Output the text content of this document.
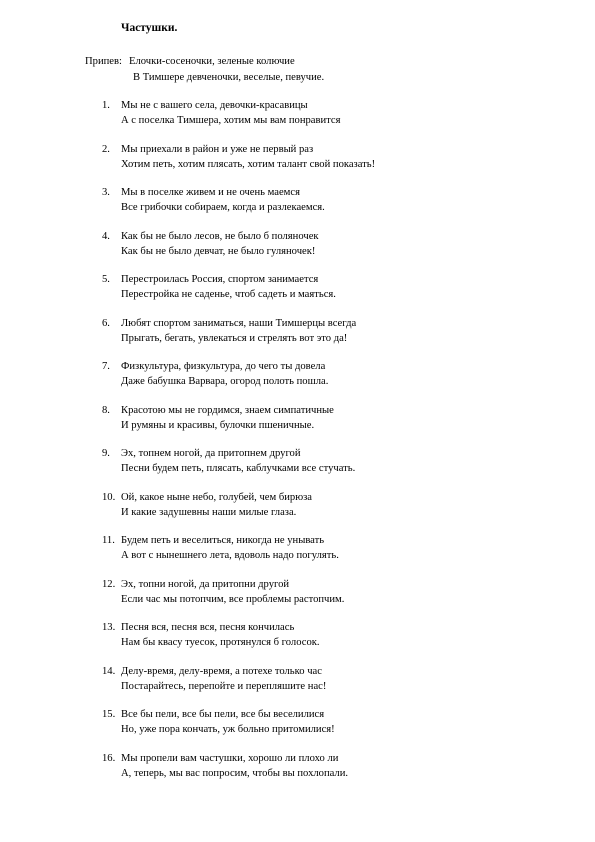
Частушки.
Припев: Елочки-сосеночки, зеленые колючие
В Тимшере девченочки, веселые, певучие.
1. Мы не с вашего села, девочки-красавицы
А с поселка Тимшера, хотим мы вам понравится
2. Мы приехали в район и уже не первый раз
Хотим петь, хотим плясать, хотим талант свой показать!
3. Мы в поселке живем и не очень маемся
Все грибочки собираем, когда и разлекаемся.
4. Как бы не было лесов, не было б поляночек
Как бы не было девчат, не было гуляночек!
5. Перестроилась Россия, спортом занимается
Перестройка не саденье, чтоб садеть и маяться.
6. Любят спортом заниматься, наши Тимшерцы всегда
Прыгать, бегать, увлекаться и стрелять вот это да!
7. Физкультура, физкультура, до чего ты довела
Даже бабушка Варвара, огород полоть пошла.
8. Красотою мы не гордимся, знаем симпатичные
И румяны и красивы, булочки пшеничные.
9. Эх, топнем ногой, да притопнем другой
Песни будем петь, плясать, каблучками все стучать.
10. Ой, какое ныне небо, голубей, чем бирюза
И какие задушевны наши милые глаза.
11. Будем петь и веселиться, никогда не унывать
А вот с нынешнего лета, вдоволь надо погулять.
12. Эх, топни ногой, да притопни другой
Если час мы потопчим, все проблемы растопчим.
13. Песня вся, песня вся, песня кончилась
Нам бы квасу туесок, протянулся б голосок.
14. Делу-время, делу-время, а потехе только час
Постарайтесь, перепойте и перепляшите нас!
15. Все бы пели, все бы пели, все бы веселилися
Но, уже пора кончать, уж больно притомилися!
16. Мы пропели вам частушки, хорошо ли плохо ли
А, теперь, мы вас попросим, чтобы вы похлопали.
